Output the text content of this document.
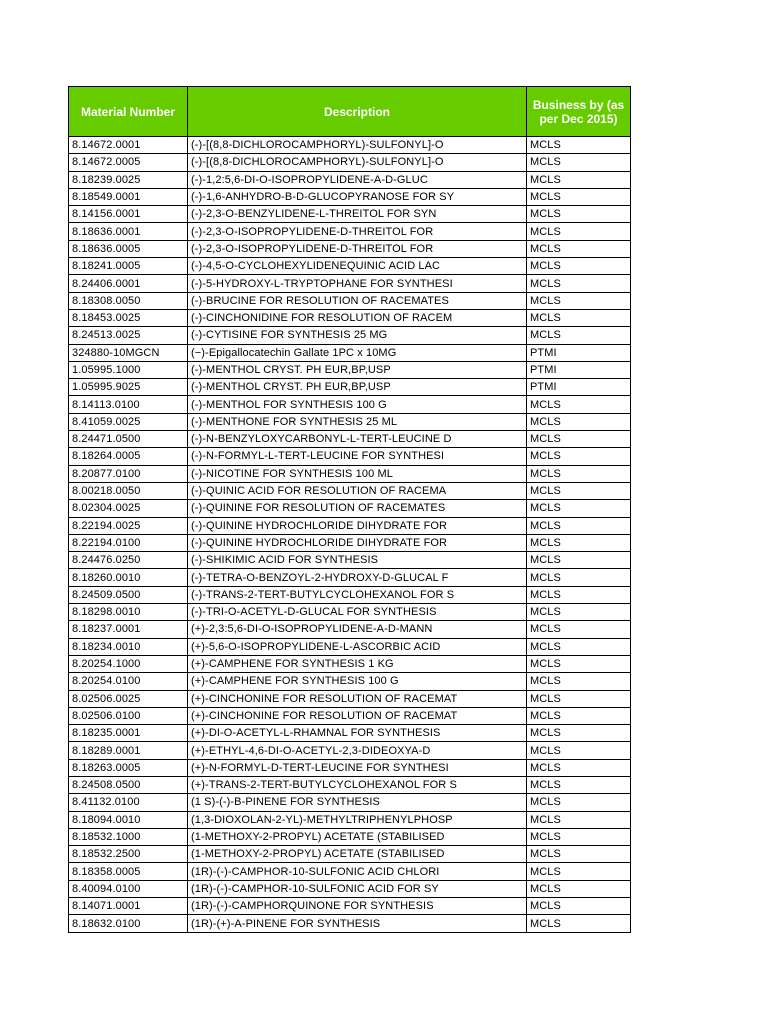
Material Number	Description	Business by (as per Dec 2015)
8.14672.0001	(-)-[(8,8-DICHLOROCAMPHORYL)-SULFONYL]-O	MCLS
8.14672.0005	(-)-[(8,8-DICHLOROCAMPHORYL)-SULFONYL]-O	MCLS
8.18239.0025	(-)-1,2:5,6-DI-O-ISOPROPYLIDENE-A-D-GLUC	MCLS
8.18549.0001	(-)-1,6-ANHYDRO-B-D-GLUCOPYRANOSE FOR SY	MCLS
8.14156.0001	(-)-2,3-O-BENZYLIDENE-L-THREITOL FOR SYN	MCLS
8.18636.0001	(-)-2,3-O-ISOPROPYLIDENE-D-THREITOL FOR	MCLS
8.18636.0005	(-)-2,3-O-ISOPROPYLIDENE-D-THREITOL FOR	MCLS
8.18241.0005	(-)-4,5-O-CYCLOHEXYLIDENEQUINIC ACID LAC	MCLS
8.24406.0001	(-)-5-HYDROXY-L-TRYPTOPHANE FOR SYNTHESI	MCLS
8.18308.0050	(-)-BRUCINE FOR RESOLUTION OF RACEMATES	MCLS
8.18453.0025	(-)-CINCHONIDINE FOR RESOLUTION OF RACEM	MCLS
8.24513.0025	(-)-CYTISINE FOR SYNTHESIS 25 MG	MCLS
324880-10MGCN	(−)-Epigallocatechin Gallate 1PC x 10MG	PTMI
1.05995.1000	(-)-MENTHOL CRYST. PH EUR,BP,USP	PTMI
1.05995.9025	(-)-MENTHOL CRYST. PH EUR,BP,USP	PTMI
8.14113.0100	(-)-MENTHOL FOR SYNTHESIS 100 G	MCLS
8.41059.0025	(-)-MENTHONE FOR SYNTHESIS 25 ML	MCLS
8.24471.0500	(-)-N-BENZYLOXYCARBONYL-L-TERT-LEUCINE D	MCLS
8.18264.0005	(-)-N-FORMYL-L-TERT-LEUCINE FOR SYNTHESI	MCLS
8.20877.0100	(-)-NICOTINE FOR SYNTHESIS 100 ML	MCLS
8.00218.0050	(-)-QUINIC ACID FOR RESOLUTION OF RACEMA	MCLS
8.02304.0025	(-)-QUININE FOR RESOLUTION OF RACEMATES	MCLS
8.22194.0025	(-)-QUININE HYDROCHLORIDE DIHYDRATE FOR	MCLS
8.22194.0100	(-)-QUININE HYDROCHLORIDE DIHYDRATE FOR	MCLS
8.24476.0250	(-)-SHIKIMIC ACID FOR SYNTHESIS	MCLS
8.18260.0010	(-)-TETRA-O-BENZOYL-2-HYDROXY-D-GLUCAL F	MCLS
8.24509.0500	(-)-TRANS-2-TERT-BUTYLCYCLOHEXANOL FOR S	MCLS
8.18298.0010	(-)-TRI-O-ACETYL-D-GLUCAL FOR SYNTHESIS	MCLS
8.18237.0001	(+)-2,3:5,6-DI-O-ISOPROPYLIDENE-A-D-MANN	MCLS
8.18234.0010	(+)-5,6-O-ISOPROPYLIDENE-L-ASCORBIC ACID	MCLS
8.20254.1000	(+)-CAMPHENE FOR SYNTHESIS 1 KG	MCLS
8.20254.0100	(+)-CAMPHENE FOR SYNTHESIS 100 G	MCLS
8.02506.0025	(+)-CINCHONINE FOR RESOLUTION OF RACEMAT	MCLS
8.02506.0100	(+)-CINCHONINE FOR RESOLUTION OF RACEMAT	MCLS
8.18235.0001	(+)-DI-O-ACETYL-L-RHAMNAL FOR SYNTHESIS	MCLS
8.18289.0001	(+)-ETHYL-4,6-DI-O-ACETYL-2,3-DIDEOXYA-D	MCLS
8.18263.0005	(+)-N-FORMYL-D-TERT-LEUCINE FOR SYNTHESI	MCLS
8.24508.0500	(+)-TRANS-2-TERT-BUTYLCYCLOHEXANOL FOR S	MCLS
8.41132.0100	(1 S)-(-)-B-PINENE FOR SYNTHESIS	MCLS
8.18094.0010	(1,3-DIOXOLAN-2-YL)-METHYLTRIPHENYLPHOSP	MCLS
8.18532.1000	(1-METHOXY-2-PROPYL) ACETATE (STABILISED	MCLS
8.18532.2500	(1-METHOXY-2-PROPYL) ACETATE (STABILISED	MCLS
8.18358.0005	(1R)-(-)-CAMPHOR-10-SULFONIC ACID CHLORI	MCLS
8.40094.0100	(1R)-(-)-CAMPHOR-10-SULFONIC ACID FOR SY	MCLS
8.14071.0001	(1R)-(-)-CAMPHORQUINONE FOR SYNTHESIS	MCLS
8.18632.0100	(1R)-(+)-A-PINENE FOR SYNTHESIS	MCLS
